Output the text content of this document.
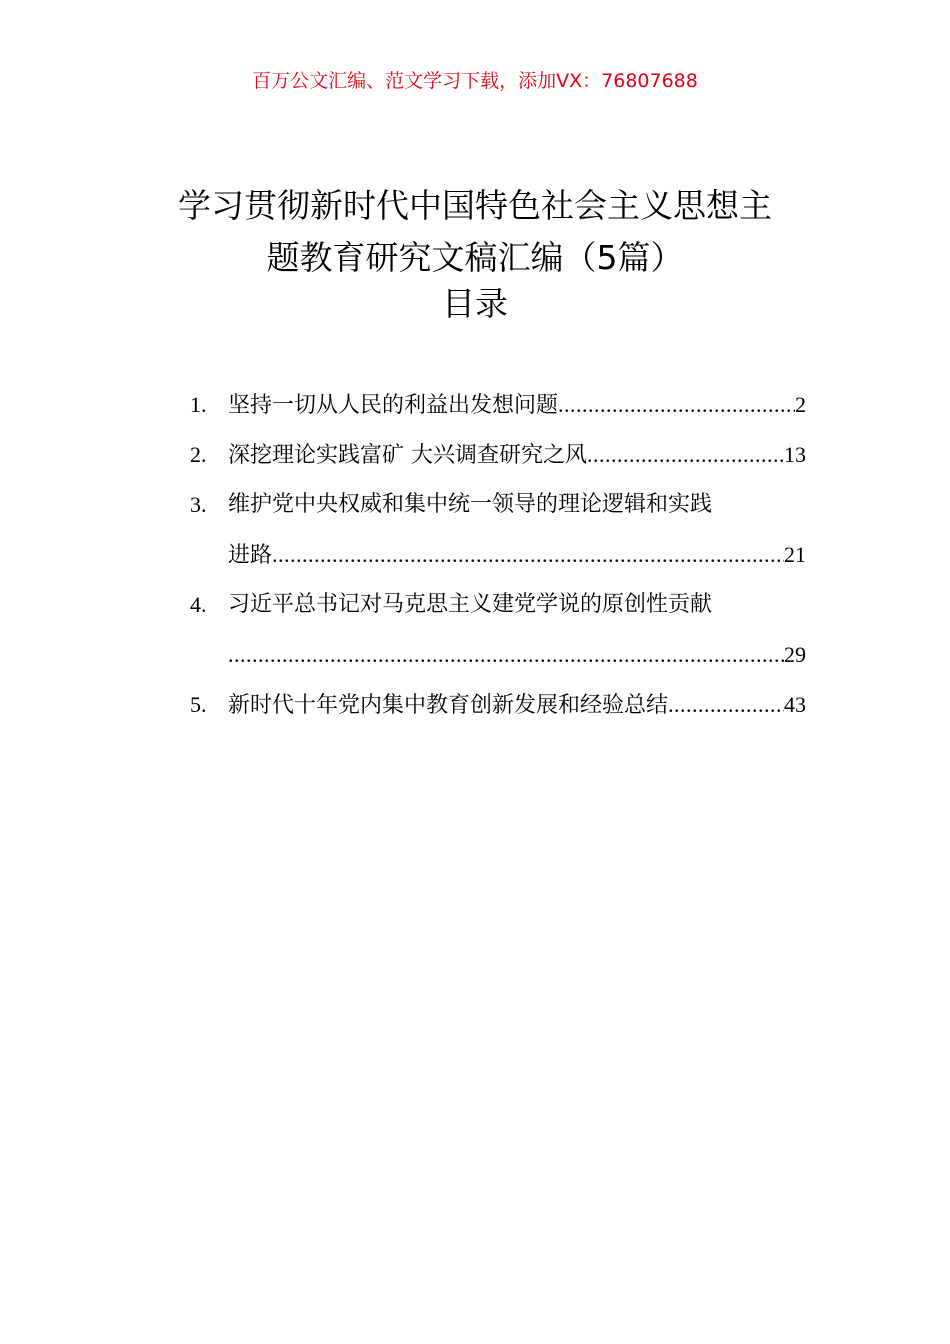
百万公文汇编、范文学习下载，添加VX：76807688
学习贯彻新时代中国特色社会主义思想主
题教育研究文稿汇编（5篇）
目录
1. 坚持一切从人民的利益出发想问题 .....	2
2. 深挖理论实践富矿 大兴调查研究之风 .....	13
3. 维护党中央权威和集中统一领导的理论逻辑和实践
进路 .....	21
4. 习近平总书记对马克思主义建党学说的原创性贡献
.....
29
5. 新时代十年党内集中教育创新发展和经验总结 .....	43
